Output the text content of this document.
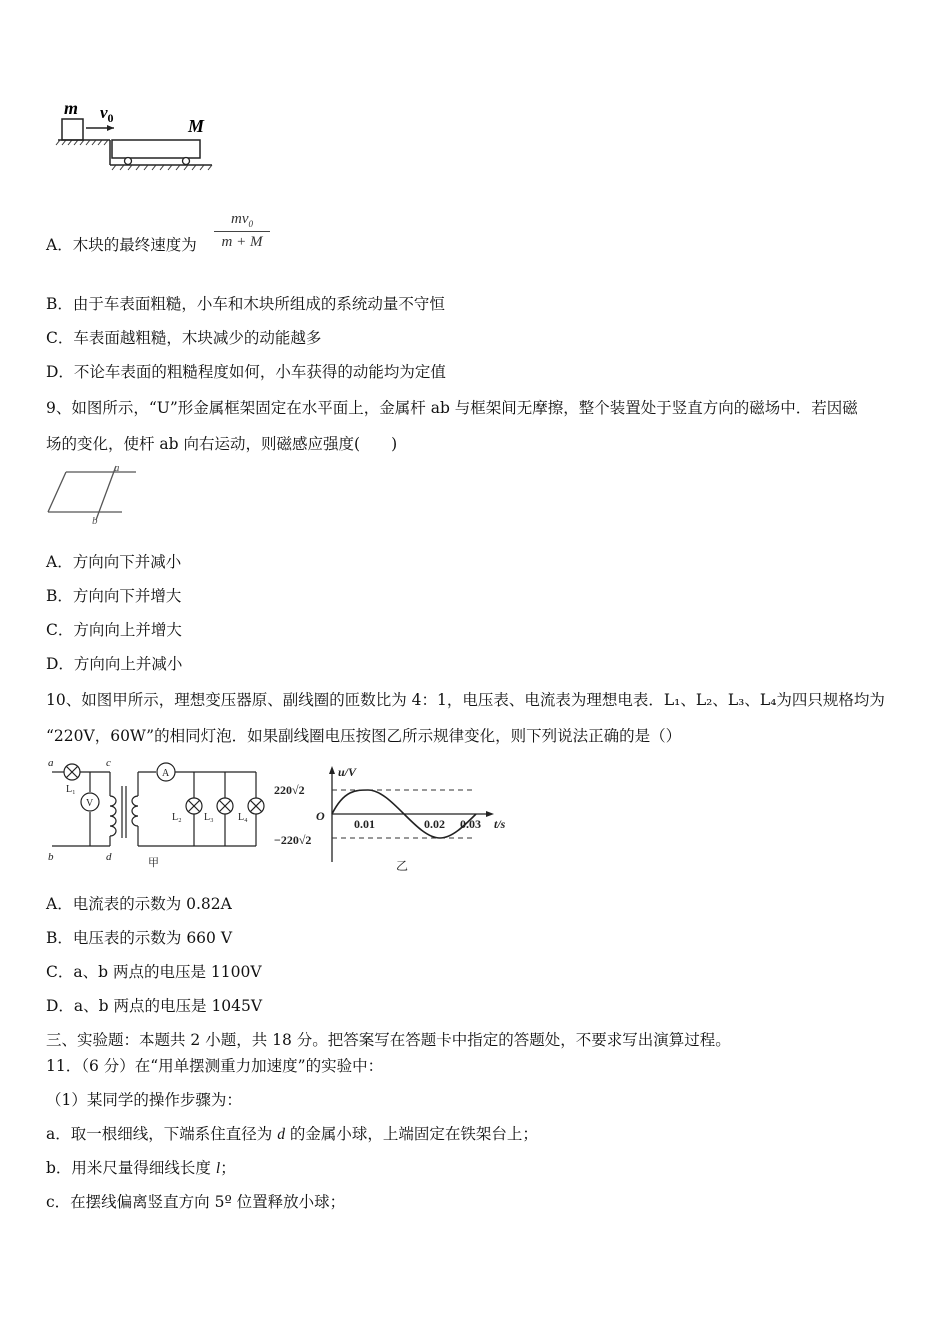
m $v_0$	M
A．木块的最终速度为 $\frac{mv_0}{m + M}$
B．由于车表面粗糙，小车和木块所组成的系统动量不守恒
C．车表面越粗糙，木块减少的动能越多
D．不论车表面的粗糙程度如何，小车获得的动能均为定值
9、如图所示，“U”形金属框架固定在水平面上，金属杆 ab 与框架间无摩擦，整个装置处于竖直方向的磁场中．若因磁
场的变化，使杆 ab 向右运动，则磁感应强度(　　)
a
b
A．方向向下并减小
B．方向向下并增大
C．方向向上并增大
D．方向向上并减小
10、如图甲所示，理想变压器原、副线圈的匝数比为 4：1，电压表、电流表为理想电表．L₁、L₂、L₃、L₄为四只规格均为
“220V，60W”的相同灯泡．如果副线圈电压按图乙所示规律变化，则下列说法正确的是（）
a	c
b	d
L₁
V
A
L₂ L₃ L₄
甲
u/V
220√2
O
−220√2
0.01	0.02 0.03 t/s
乙
A．电流表的示数为 0.82A
B．电压表的示数为 660 V
C．a、b 两点的电压是 1100V
D．a、b 两点的电压是 1045V
三、实验题：本题共 2 小题，共 18 分。把答案写在答题卡中指定的答题处，不要求写出演算过程。
11．（6 分）在“用单摆测重力加速度”的实验中：
（1）某同学的操作步骤为：
a．取一根细线，下端系住直径为 d 的金属小球，上端固定在铁架台上；
b．用米尺量得细线长度 l；
c．在摆线偏离竖直方向 5º 位置释放小球；
